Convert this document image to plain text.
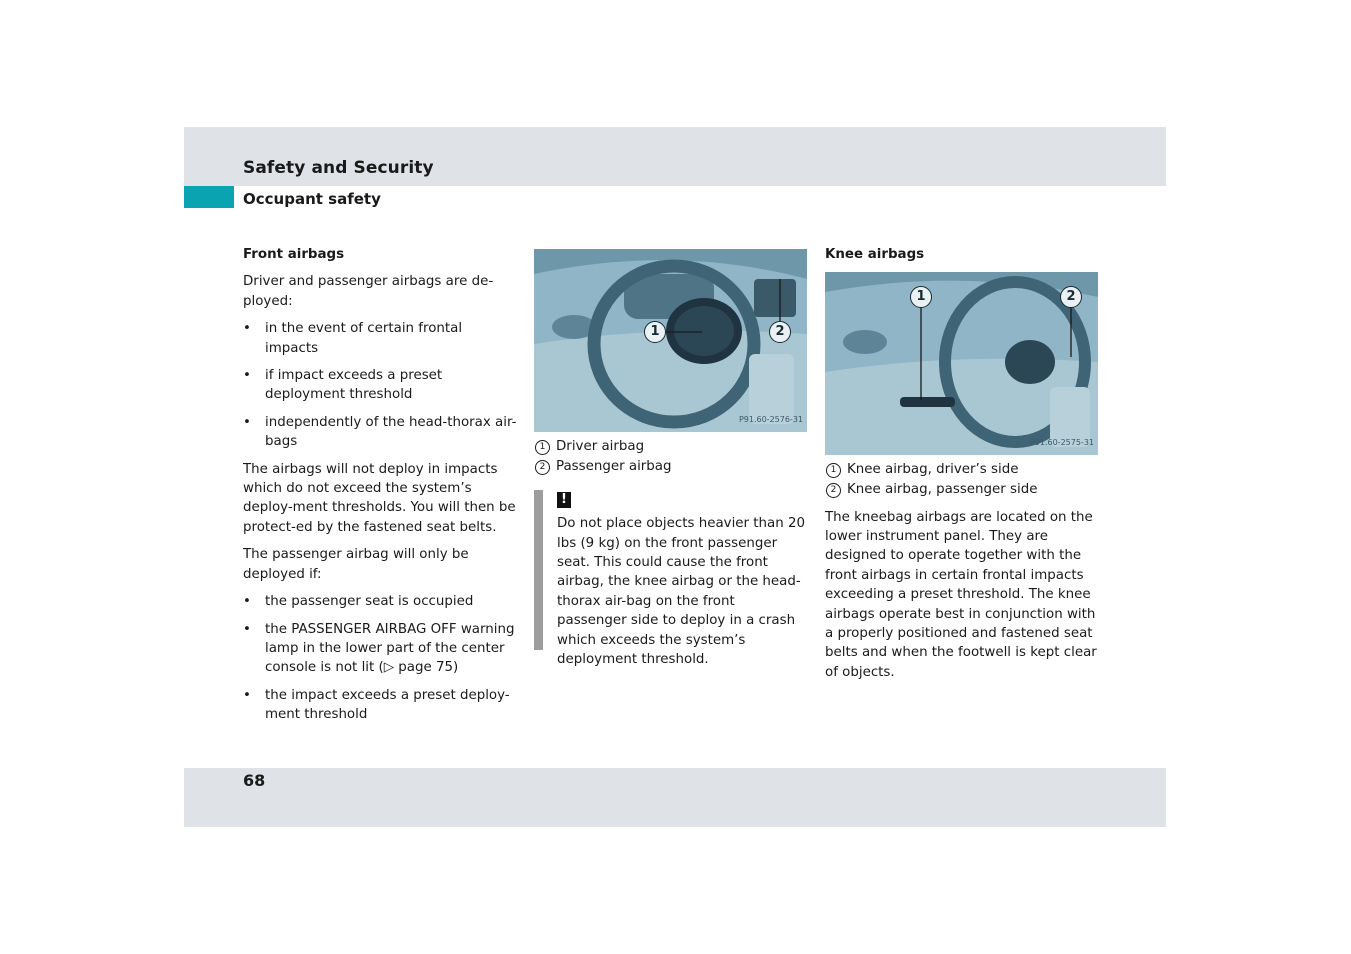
Safety and Security
Occupant safety

Front airbags

Driver and passenger airbags are de-ployed:

• in the event of certain frontal impacts
• if impact exceeds a preset deployment threshold
• independently of the head-thorax air-bags

The airbags will not deploy in impacts which do not exceed the system’s deploy-ment thresholds. You will then be protect-ed by the fastened seat belts.

The passenger airbag will only be deployed if:

• the passenger seat is occupied
• the PASSENGER AIRBAG OFF warning lamp in the lower part of the center console is not lit (▷ page 75)
• the impact exceeds a preset deploy-ment threshold
1	2
P91.60-2576-31
1 Driver airbag
2 Passenger airbag
!
Do not place objects heavier than 20 lbs (9 kg) on the front passenger seat. This could cause the front airbag, the knee airbag or the head-thorax air-bag on the front passenger side to deploy in a crash which exceeds the system’s deployment threshold.

Knee airbags

1	2
P91.60-2575-31
1 Knee airbag, driver’s side
2 Knee airbag, passenger side

The kneebag airbags are located on the lower instrument panel. They are designed to operate together with the front airbags in certain frontal impacts exceeding a preset threshold. The knee airbags operate best in conjunction with a properly positioned and fastened seat belts and when the footwell is kept clear of objects.

68
